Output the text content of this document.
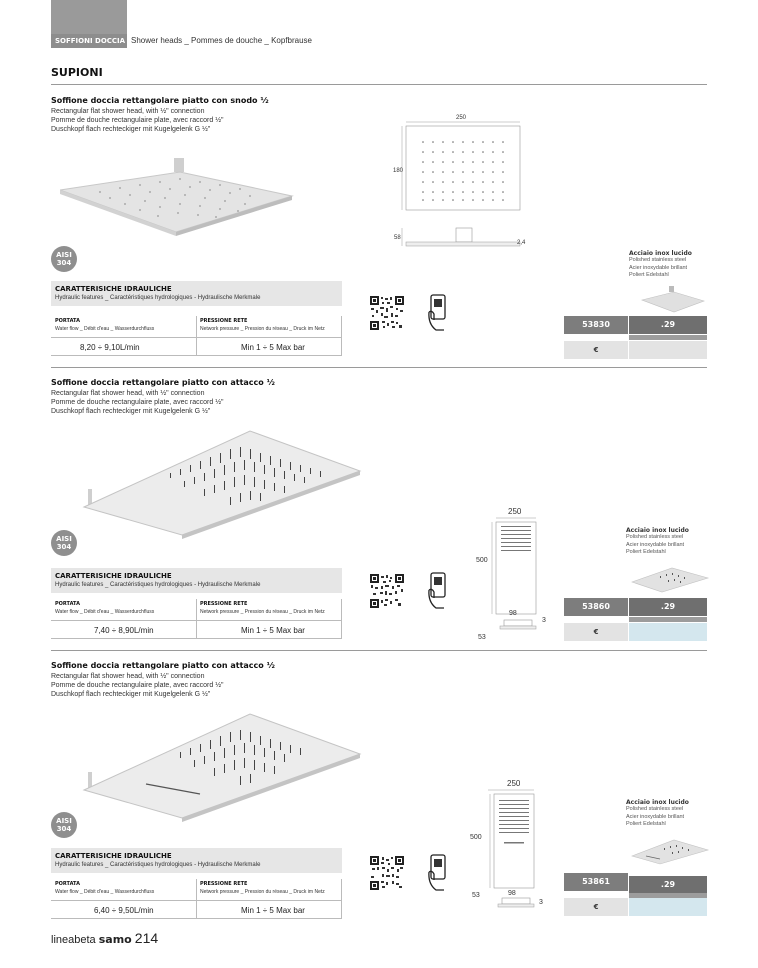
SOFFIONI DOCCIA Shower heads _ Pommes de douche _ Kopfbrause
SUPIONI
Soffione doccia rettangolare piatto con snodo ½
Rectangular flat shower head, with ½" connection
Pomme de douche rectangulaire plate, avec raccord ½"
Duschkopf flach rechteckiger mit Kugelgelenk G ½"
250
180
58
2,4
AISI
304
CARATTERISICHE IDRAULICHE
Hydraulic features _ Caractéristiques hydrologiques - Hydraulische Merkmale
PORTATA
Water flow _ Débit d'eau _ Wasserdurchfluss
PRESSIONE RETE
Network pressure _ Pression du réseau _ Druck im Netz
8,20 ÷ 9,10L/min	Min 1 ÷ 5 Max bar
Acciaio inox lucido
Polished stainless steel
Acier inoxydable brillant
Poliert Edelstahl
53830	.29
€
Soffione doccia rettangolare piatto con attacco ½
Rectangular flat shower head, with ½" connection
Pomme de douche rectangulaire plate, avec raccord ½"
Duschkopf flach rechteckiger mit Kugelgelenk G ½"
250
500
98
3
53
AISI
304
CARATTERISICHE IDRAULICHE
Hydraulic features _ Caractéristiques hydrologiques - Hydraulische Merkmale
PORTATA
Water flow _ Débit d'eau _ Wasserdurchfluss
PRESSIONE RETE
Network pressure _ Pression du réseau _ Druck im Netz
7,40 ÷ 8,90L/min	Min 1 ÷ 5 Max bar
Acciaio inox lucido
Polished stainless steel
Acier inoxydable brillant
Poliert Edelstahl
53860	.29
€
Soffione doccia rettangolare piatto con attacco ½
Rectangular flat shower head, with ½" connection
Pomme de douche rectangulaire plate, avec raccord ½"
Duschkopf flach rechteckiger mit Kugelgelenk G ½"
250
500
53	98
3
AISI
304
CARATTERISICHE IDRAULICHE
Hydraulic features _ Caractéristiques hydrologiques - Hydraulische Merkmale
PORTATA
Water flow _ Débit d'eau _ Wasserdurchfluss
PRESSIONE RETE
Network pressure _ Pression du réseau _ Druck im Netz
6,40 ÷ 9,50L/min	Min 1 ÷ 5 Max bar
Acciaio inox lucido
Polished stainless steel
Acier inoxydable brillant
Poliert Edelstahl
53861	.29
€
lineabeta samo 214
